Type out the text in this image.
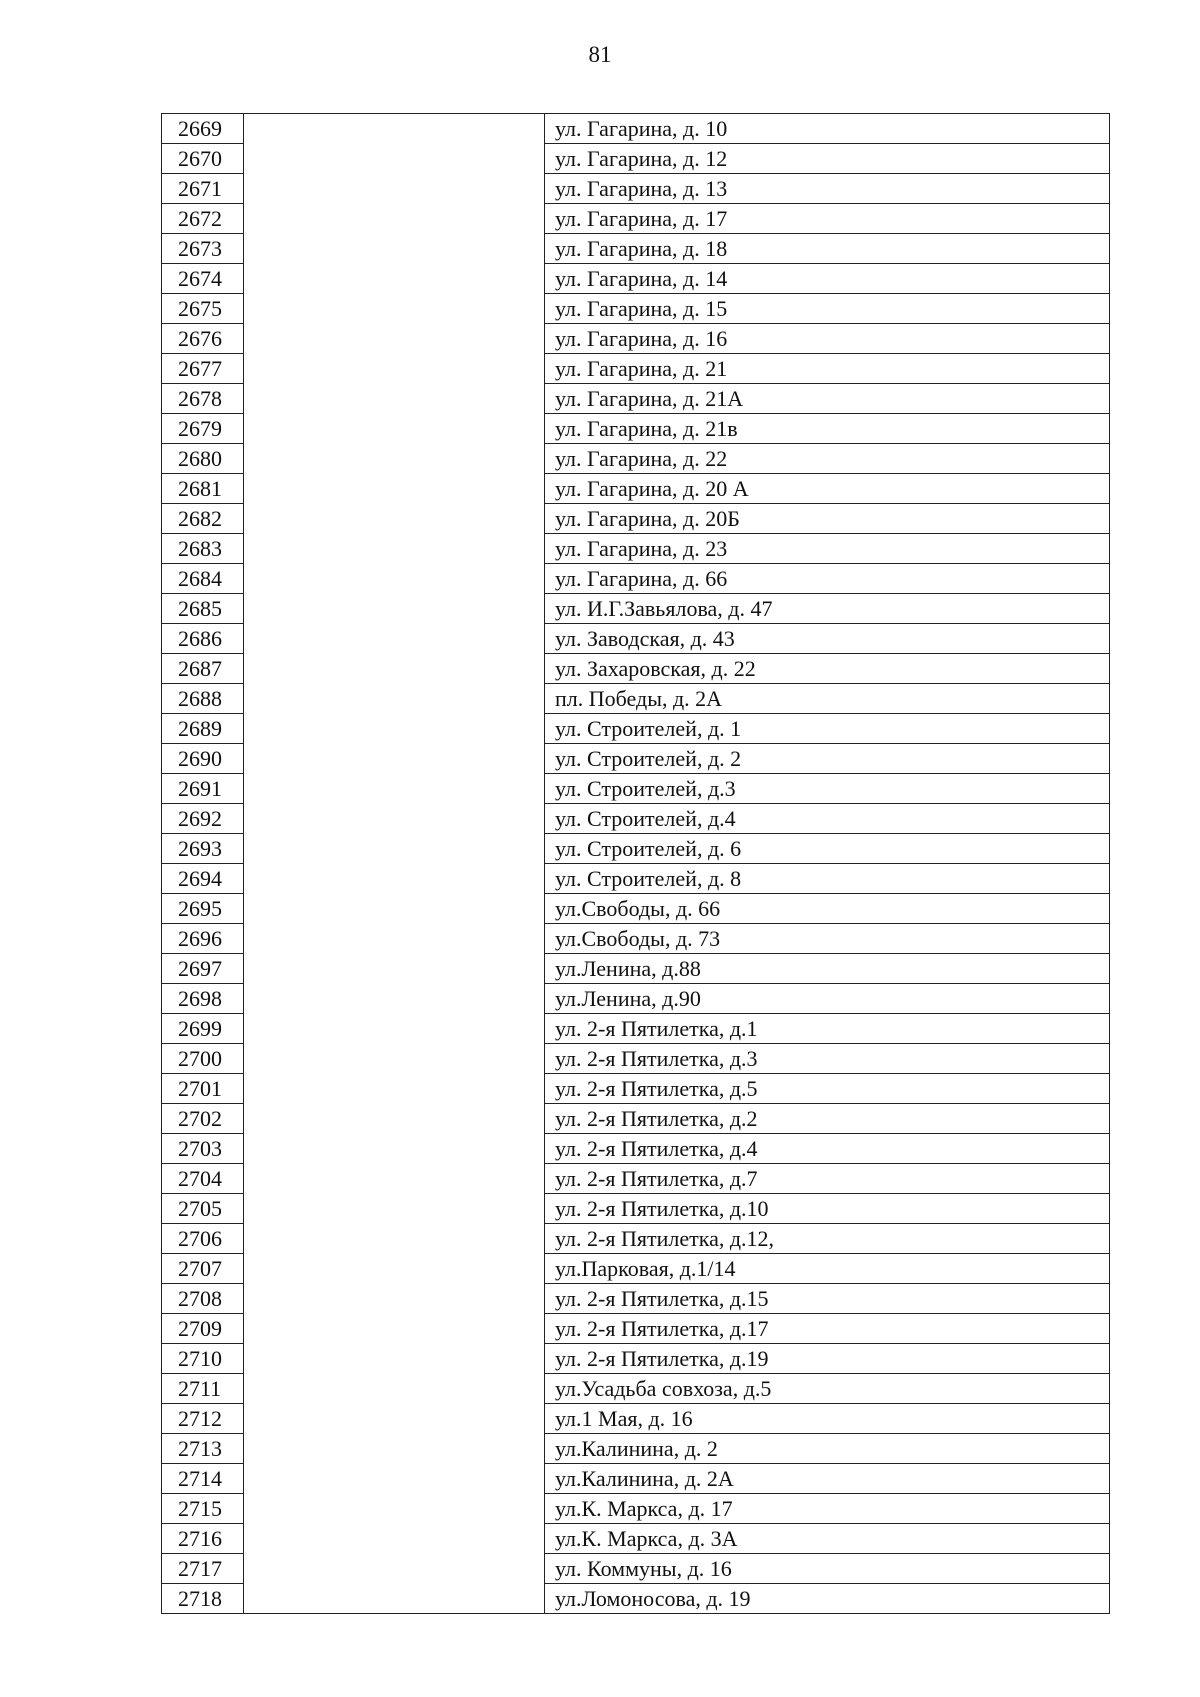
81
2669		ул. Гагарина, д. 10
2670		ул. Гагарина, д. 12
2671		ул. Гагарина, д. 13
2672		ул. Гагарина, д. 17
2673		ул. Гагарина, д. 18
2674		ул. Гагарина, д. 14
2675		ул. Гагарина, д. 15
2676		ул. Гагарина, д. 16
2677		ул. Гагарина, д. 21
2678		ул. Гагарина, д. 21А
2679		ул. Гагарина, д. 21в
2680		ул. Гагарина, д. 22
2681		ул. Гагарина, д. 20 А
2682		ул. Гагарина, д. 20Б
2683		ул. Гагарина, д. 23
2684		ул. Гагарина, д. 66
2685		ул. И.Г.Завьялова, д. 47
2686		ул. Заводская, д. 43
2687		ул. Захаровская, д. 22
2688		пл. Победы, д. 2А
2689		ул. Строителей, д. 1
2690		ул. Строителей, д. 2
2691		ул. Строителей, д.3
2692		ул. Строителей, д.4
2693		ул. Строителей, д. 6
2694		ул. Строителей, д. 8
2695		ул.Свободы, д. 66
2696		ул.Свободы, д. 73
2697		ул.Ленина, д.88
2698		ул.Ленина, д.90
2699		ул. 2-я Пятилетка, д.1
2700		ул. 2-я Пятилетка, д.3
2701		ул. 2-я Пятилетка, д.5
2702		ул. 2-я Пятилетка, д.2
2703		ул. 2-я Пятилетка, д.4
2704		ул. 2-я Пятилетка, д.7
2705		ул. 2-я Пятилетка, д.10
2706		ул. 2-я Пятилетка, д.12,
2707		ул.Парковая, д.1/14
2708		ул. 2-я Пятилетка, д.15
2709		ул. 2-я Пятилетка, д.17
2710		ул. 2-я Пятилетка, д.19
2711		ул.Усадьба совхоза, д.5
2712		ул.1 Мая, д. 16
2713		ул.Калинина, д. 2
2714		ул.Калинина, д. 2А
2715		ул.К. Маркса, д. 17
2716		ул.К. Маркса, д. 3А
2717		ул. Коммуны, д. 16
2718		ул.Ломоносова, д. 19
